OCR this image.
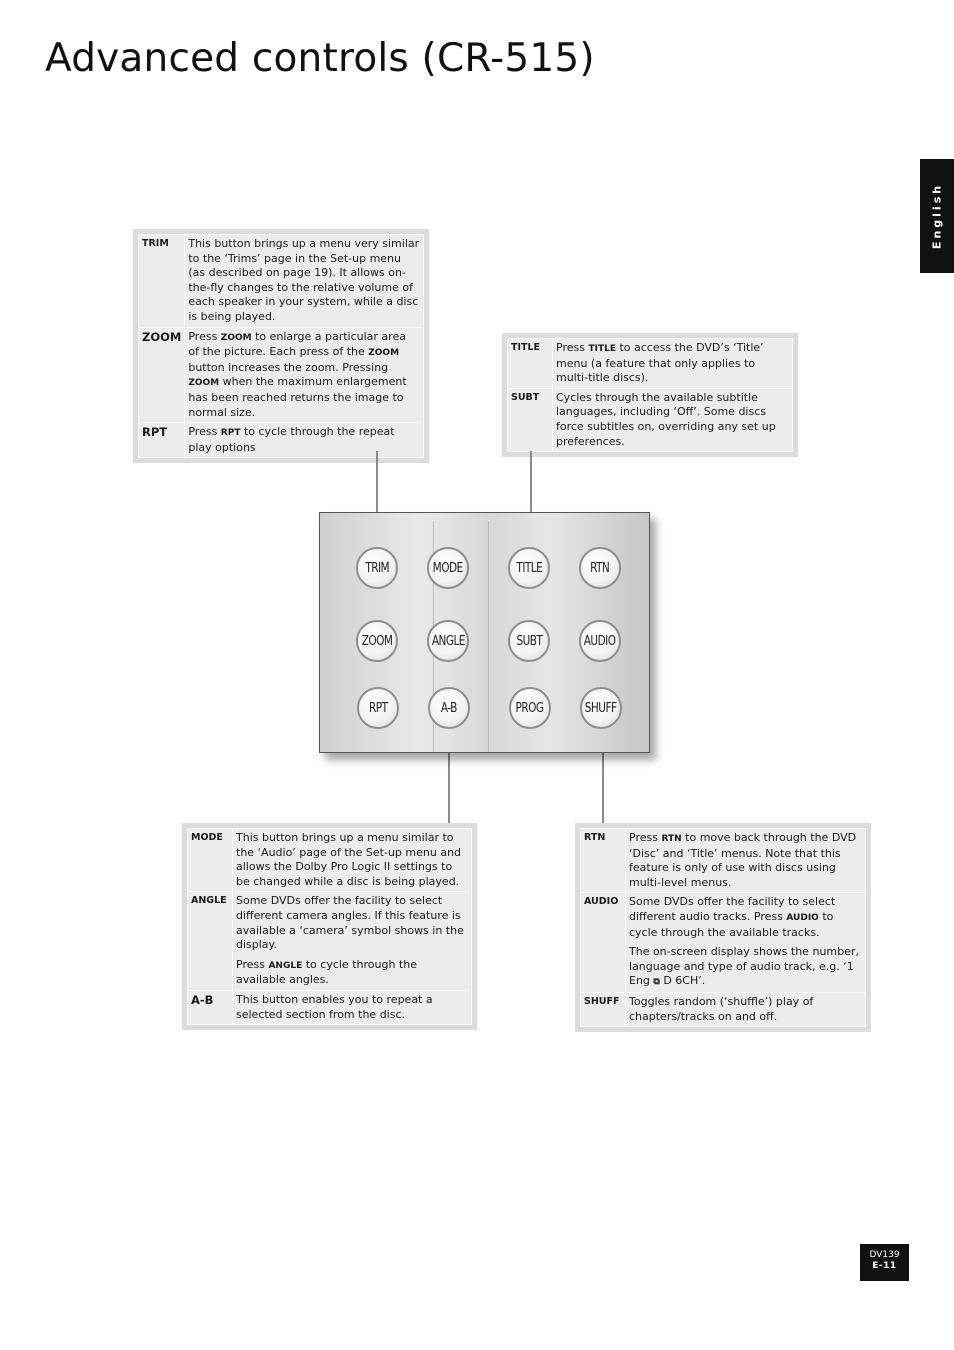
Advanced controls (CR-515)
English
TRIM	This button brings up a menu very similar to the ‘Trims’ page in the Set-up menu (as described on page 19). It allows on-the-fly changes to the relative volume of each speaker in your system, while a disc is being played.

ZOOM	Press ZOOM to enlarge a particular area of the picture. Each press of the ZOOM button increases the zoom. Pressing ZOOM when the maximum enlargement has been reached returns the image to normal size.

RPT	Press RPT to cycle through the repeat play options

TITLE	Press TITLE to access the DVD’s ‘Title’ menu (a feature that only applies to multi-title discs).

SUBT	Cycles through the available subtitle languages, including ‘Off’. Some discs force subtitles on, overriding any set up preferences.

MODE	This button brings up a menu similar to the ‘Audio’ page of the Set-up menu and allows the Dolby Pro Logic II settings to be changed while a disc is being played.

ANGLE	Some DVDs offer the facility to select different camera angles. If this feature is available a ‘camera’ symbol shows in the display.

Press ANGLE to cycle through the available angles.

A-B	This button enables you to repeat a selected section from the disc.

RTN	Press RTN to move back through the DVD ‘Disc’ and ‘Title’ menus. Note that this feature is only of use with discs using multi-level menus.

AUDIO	Some DVDs offer the facility to select different audio tracks. Press AUDIO to cycle through the available tracks.

The on-screen display shows the number, language and type of audio track, e.g. ‘1 Eng ⧉ D 6CH’.

SHUFF	Toggles random (‘shuffle’) play of chapters/tracks on and off.

TRIM	MODE	TITLE	RTN
ZOOM	ANGLE	SUBT	AUDIO
RPT	A-B	PROG	SHUFF
DV139
E-11
